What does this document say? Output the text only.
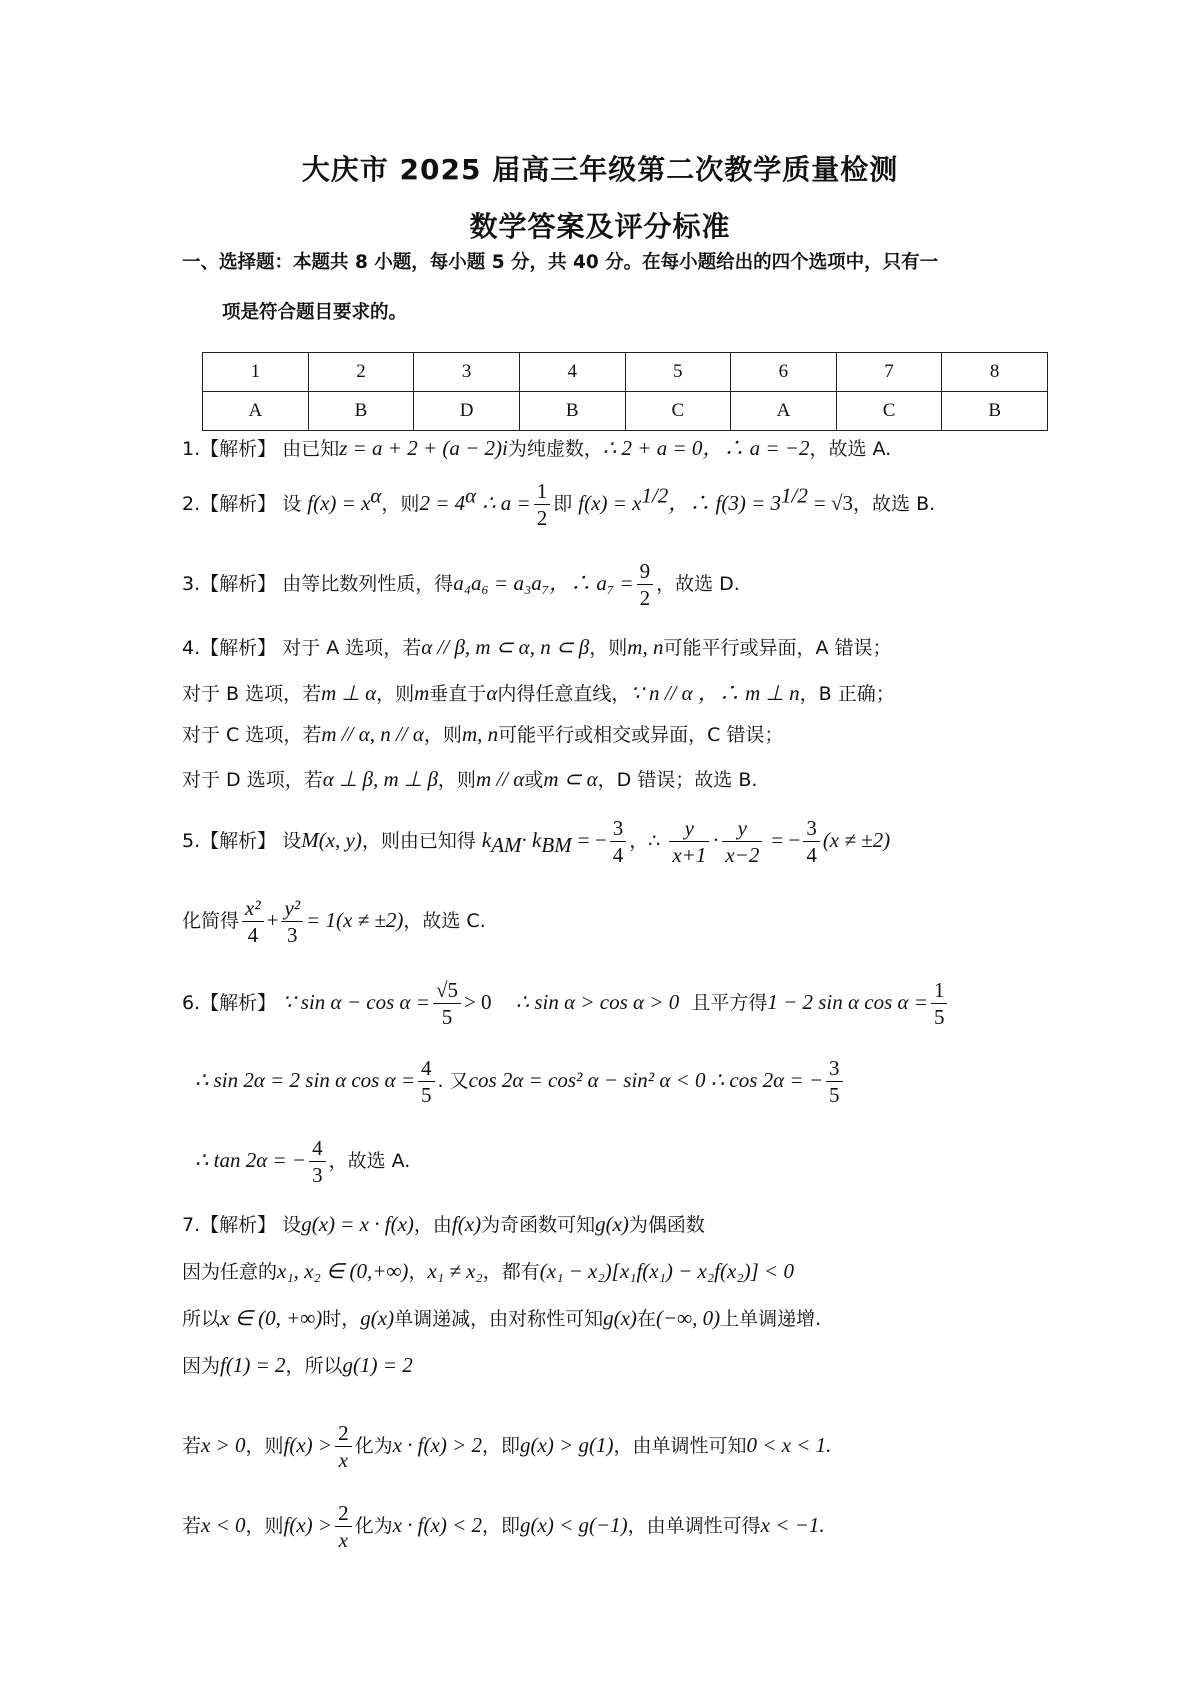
大庆市 2025 届高三年级第二次教学质量检测
数学答案及评分标准
一、选择题：本题共 8 小题，每小题 5 分，共 40 分。在每小题给出的四个选项中，只有一
项是符合题目要求的。
1	2	3	4	5	6	7	8
A	B	D	B	C	A	C	B
1.【解析】 由已知z = a + 2 + (a − 2)i为纯虚数，∴ 2 + a = 0，∴ a = −2，故选 A.
2.【解析】 设 $f(x) = x^\alpha$，则$2 = 4^\alpha$ ∴ $a = \frac{1}{2}$ 即 $f(x) = x^{1/2}$，∴ $f(3) = 3^{1/2} = √3$，故选 B.
3.【解析】 由等比数列性质，得a₄a₆ = a₃a₇，∴ $a_7 = \frac{9}{2}$ ，故选 D.
4.【解析】 对于 A 选项，若α // β, m ⊂ α, n ⊂ β，则m, n可能平行或异面，A 错误；
对于 B 选项，若m ⊥ α，则m垂直于α内得任意直线，∵ n // α ，∴ m ⊥ n，B 正确；
对于 C 选项，若m // α, n // α，则m, n可能平行或相交或异面，C 错误；
对于 D 选项，若α ⊥ β, m ⊥ β，则m // α或m ⊂ α，D 错误；故选 B.
5.【解析】 设M(x, y)，则由已知得 $k_{AM}\cdot k_{BM}$ = − $\frac{3}{4}$ ，∴ $\frac{y}{x+1} \cdot \frac{y}{x-2}$ = − $\frac{3}{4} (x \ne \pm 2)$
化简得 $\frac{\text{x²}}{4} + \frac{\text{y²}}{3} = 1(x \ne \pm 2)$，故选 C.
6.【解析】 ∵ $\sin \alpha - \cos \alpha = \frac{√5}{5} > 0$ ∴ sin α > cos α > 0 且平方得1 − 2 sin α $\cos \alpha = \frac{1}{5}$
∴ sin 2α = 2 sin α $\cos \alpha = \frac{4}{5}$ . 又cos 2α = cos² α − sin² α < 0 ∴ cos 2α = − $\frac{3}{5}$
∴ tan 2α = − $\frac{4}{3}$ ，故选 A.
7.【解析】 设g(x) = x · f(x)，由f(x)为奇函数可知g(x)为偶函数
因为任意的x₁, x₂ ∈ (0,+∞)，x₁ ≠ x₂，都有(x₁ − x₂)[x₁f(x₁) − x₂f(x₂)] < 0
所以x ∈ (0, +∞)时，g(x)单调递减，由对称性可知g(x)在(−∞, 0)上单调递增.
因为f(1) = 2，所以g(1) = 2
若x > 0，则$f(x) > \frac{2}{x}$ 化为x · f(x) > 2，即g(x) > g(1)，由单调性可知0 < x < 1.
若x < 0，则$f(x) > \frac{2}{x}$ 化为x · f(x) < 2，即g(x) < g(−1)，由单调性可得x < −1.
